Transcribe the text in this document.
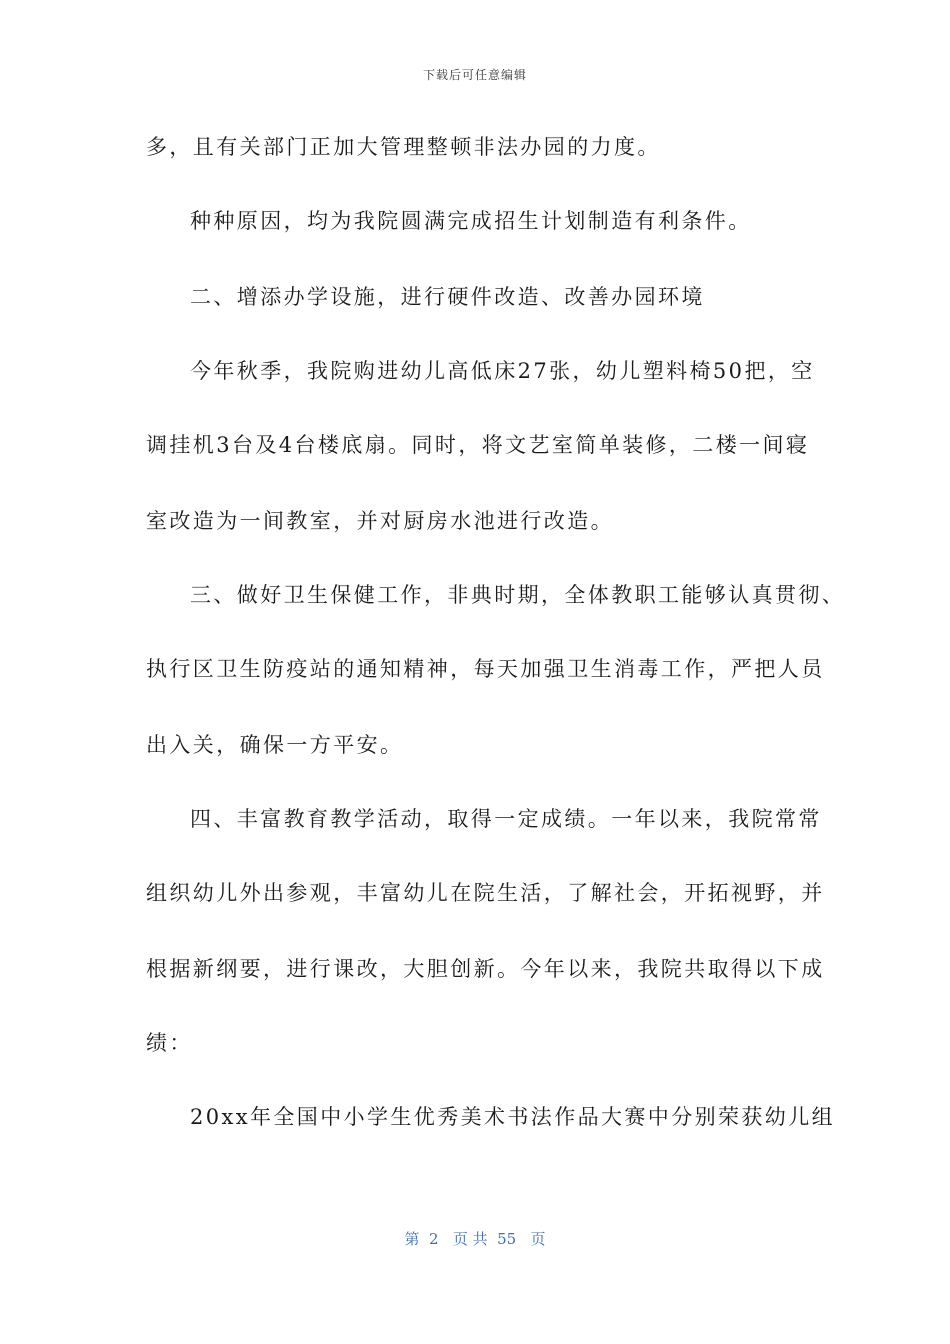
下载后可任意编辑
多，且有关部门正加大管理整顿非法办园的力度。
种种原因，均为我院圆满完成招生计划制造有利条件。
二、增添办学设施，进行硬件改造、改善办园环境
今年秋季，我院购进幼儿高低床27张，幼儿塑料椅50把，空
调挂机3台及4台楼底扇。同时，将文艺室简单装修，二楼一间寝
室改造为一间教室，并对厨房水池进行改造。
三、做好卫生保健工作，非典时期，全体教职工能够认真贯彻、
执行区卫生防疫站的通知精神，每天加强卫生消毒工作，严把人员
出入关，确保一方平安。
四、丰富教育教学活动，取得一定成绩。一年以来，我院常常
组织幼儿外出参观，丰富幼儿在院生活，了解社会，开拓视野，并
根据新纲要，进行课改，大胆创新。今年以来，我院共取得以下成
绩：
20xx年全国中小学生优秀美术书法作品大赛中分别荣获幼儿组
第  2   页 共  55   页
